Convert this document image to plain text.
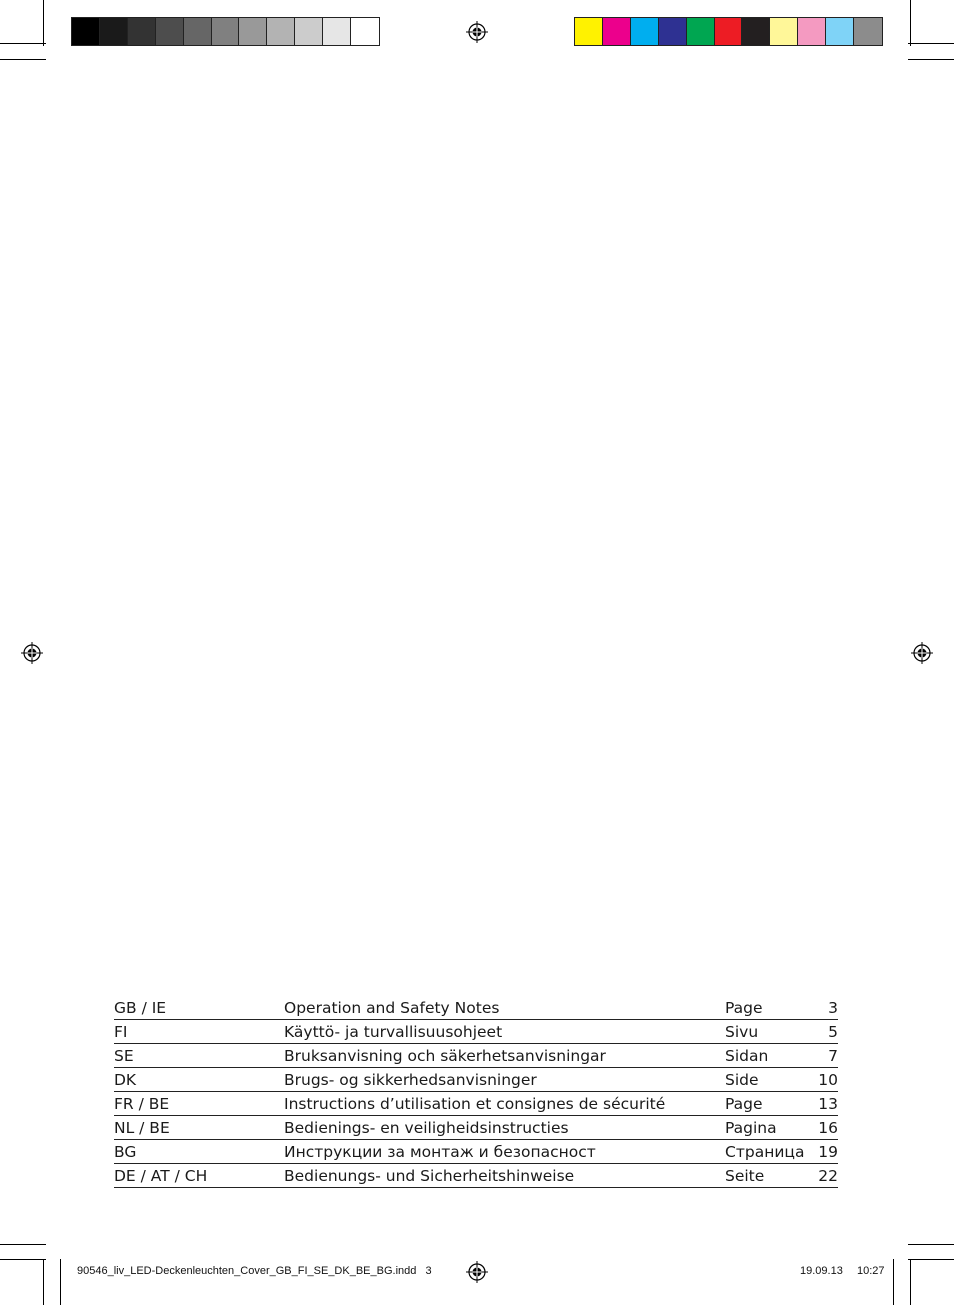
GB / IE	Operation and Safety Notes	Page	3
FI	Käyttö- ja turvallisuusohjeet	Sivu	5
SE	Bruksanvisning och säkerhetsanvisningar	Sidan	7
DK	Brugs- og sikkerhedsanvisninger	Side	10
FR / BE	Instructions d’utilisation et consignes de sécurité	Page	13
NL / BE	Bedienings- en veiligheidsinstructies	Pagina	16
BG	Инструкции за монтаж и безопасност	Страница	19
DE / AT / CH	Bedienungs- und Sicherheitshinweise	Seite	22
90546_liv_LED-Deckenleuchten_Cover_GB_FI_SE_DK_BE_BG.indd   3	19.09.13 10:27
